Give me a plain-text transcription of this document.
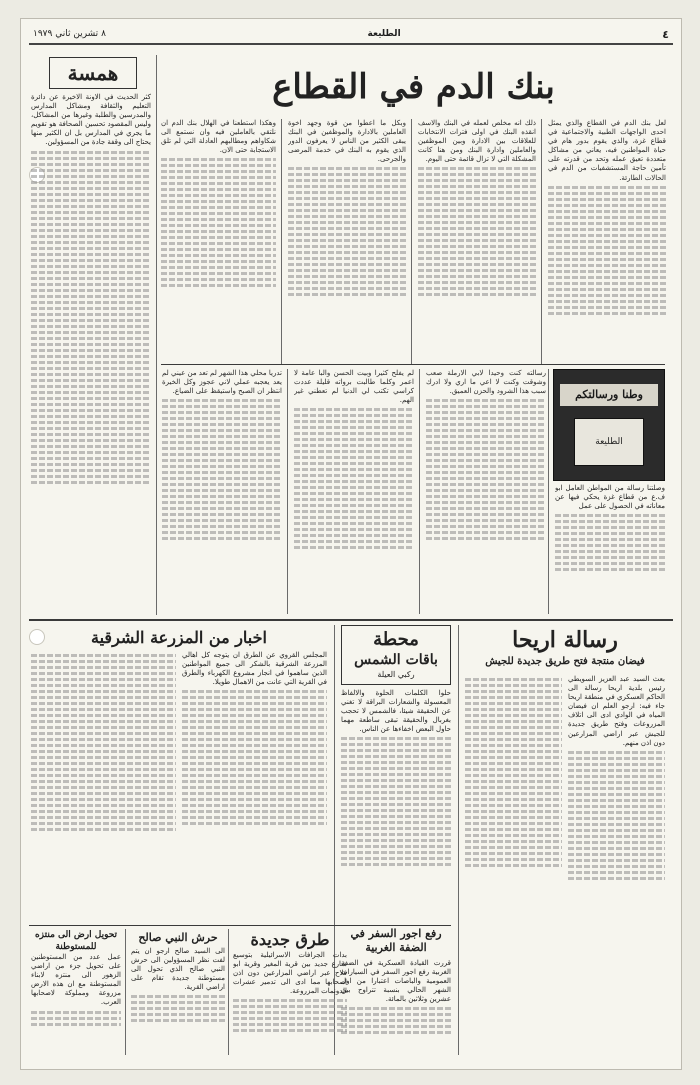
٤
الطليعة
٨ تشرين ثاني ١٩٧٩
بنك الدم في القطاع
لعل بنك الدم في القطاع والذي يمثل احدى الواجهات الطبية والاجتماعية في قطاع غزة، والذي يقوم بدور هام في حياة المواطنين فيه، يعاني من مشاكل متعددة تعيق عمله وتحد من قدرته على تأمين حاجة المستشفيات من الدم في الحالات الطارئة.
ذلك انه مخلص لعمله في البنك والاسف انقذه البنك في اولى فترات الانتخابات للعلاقات بين الادارة وبين الموظفين والعاملين وادارة البنك ومن هنا كانت المشكلة التي لا تزال قائمة حتى اليوم.
وبكل ما اعطوا من قوة وجهد اخوة العاملين بالادارة والموظفين في البنك يبقى الكثير من الناس لا يعرفون الدور الذي يقوم به البنك في خدمة المرضى والجرحى.
وهكذا استطعنا في الهلال بنك الدم ان نلتقي بالعاملين فيه وان نستمع الى شكاواهم ومطالبهم العادلة التي لم تلق الاستجابة حتى الان.
همسة
كثر الحديث في الاونة الاخيرة عن دائرة التعليم والثقافة ومشاكل المدارس والمدرسين والطلبة وغيرها من المشاكل، وليس المقصود تحسين الصحافة هو تقويم ما يجري في المدارس بل ان الكثير منها يحتاج الى وقفة جادة من المسؤولين.
وطنا ورسالتكم
الطليعة
وصلتنا رسالة من المواطن العامل ابو ف.ع من قطاع غزة يحكي فيها عن معاناته في الحصول على عمل
رسالته كنت وحيدا لابي الارملة صعب وشوقت وكنت لا اعي ما اري ولا ادرك سبب هذا الشرود والحزن العميق.
لم يفلح كثيرا وبيت الحسن والبا عامة لا اعمر وكلما طالبت برواته قليلة عددت كراسي تكتب لي الدنيا لم تعطني غير الهم.
تدريا محلي هذا الشهر لم تعد من عيني لم يعد يعجبه عملي لاني عجوز وكل الخيرة انتظر ان الصبح واستيقظ على الضياع.
رسالة اريحا
فيضان منتجة فتح طريق جديدة للجيش
بعث السيد عبد العزيز السويطي رئيس بلدية اريحا رسالة الى الحاكم العسكري في منطقة اريحا جاء فيه: ارجو العلم ان فيضان المياه في الوادي ادى الى اتلاف المزروعات وفتح طريق جديدة للجيش عبر اراضي المزارعين دون اذن منهم.
محطة
باقات الشمس
ركبي العيلة
حلوا الكلمات الحلوة والالفاظ المعسولة والشعارات البراقة لا تغني عن الحقيقة شيئا، فالشمس لا تحجب بغربال والحقيقة تبقى ساطعة مهما حاول البعض اخفاءها عن الناس.
اخبار من المزرعة الشرقية
المجلس القروي عن الطرق ان يتوجه كل اهالي المزرعة الشرقية بالشكر الى جميع المواطنين الذين ساهموا في انجاز مشروع الكهرباء والطرق في القرية التي عانت من الاهمال طويلا.
رفع اجور السفر في الضفة الغربية
قررت القيادة العسكرية في الضفة الغربية رفع اجور السفر في السيارات العمومية والباصات اعتبارا من اول الشهر الحالي بنسبة تتراوح بين عشرين وثلاثين بالمائة.
طرق جديدة
بدات الجرافات الاسرائيلية بتوسيع شارع جديد بين قرية المغير وقرية ابو فلاح عبر اراضي المزارعين دون اذن اصحابها مما ادى الى تدمير عشرات الدونمات المزروعة.
حرش النبي صالح
الى السيد صالح ارجو ان يتم لفت نظر المسؤولين الى حرش النبي صالح الذي تحول الى مستوطنة جديدة تقام على اراضي القرية.
تحويل ارض الى منتزه للمستوطنة
عمل عدد من المستوطنين على تحويل جزء من اراضي الزهور الى منتزه لابناء المستوطنة مع ان هذه الارض مزروعة ومملوكة لاصحابها العرب.
